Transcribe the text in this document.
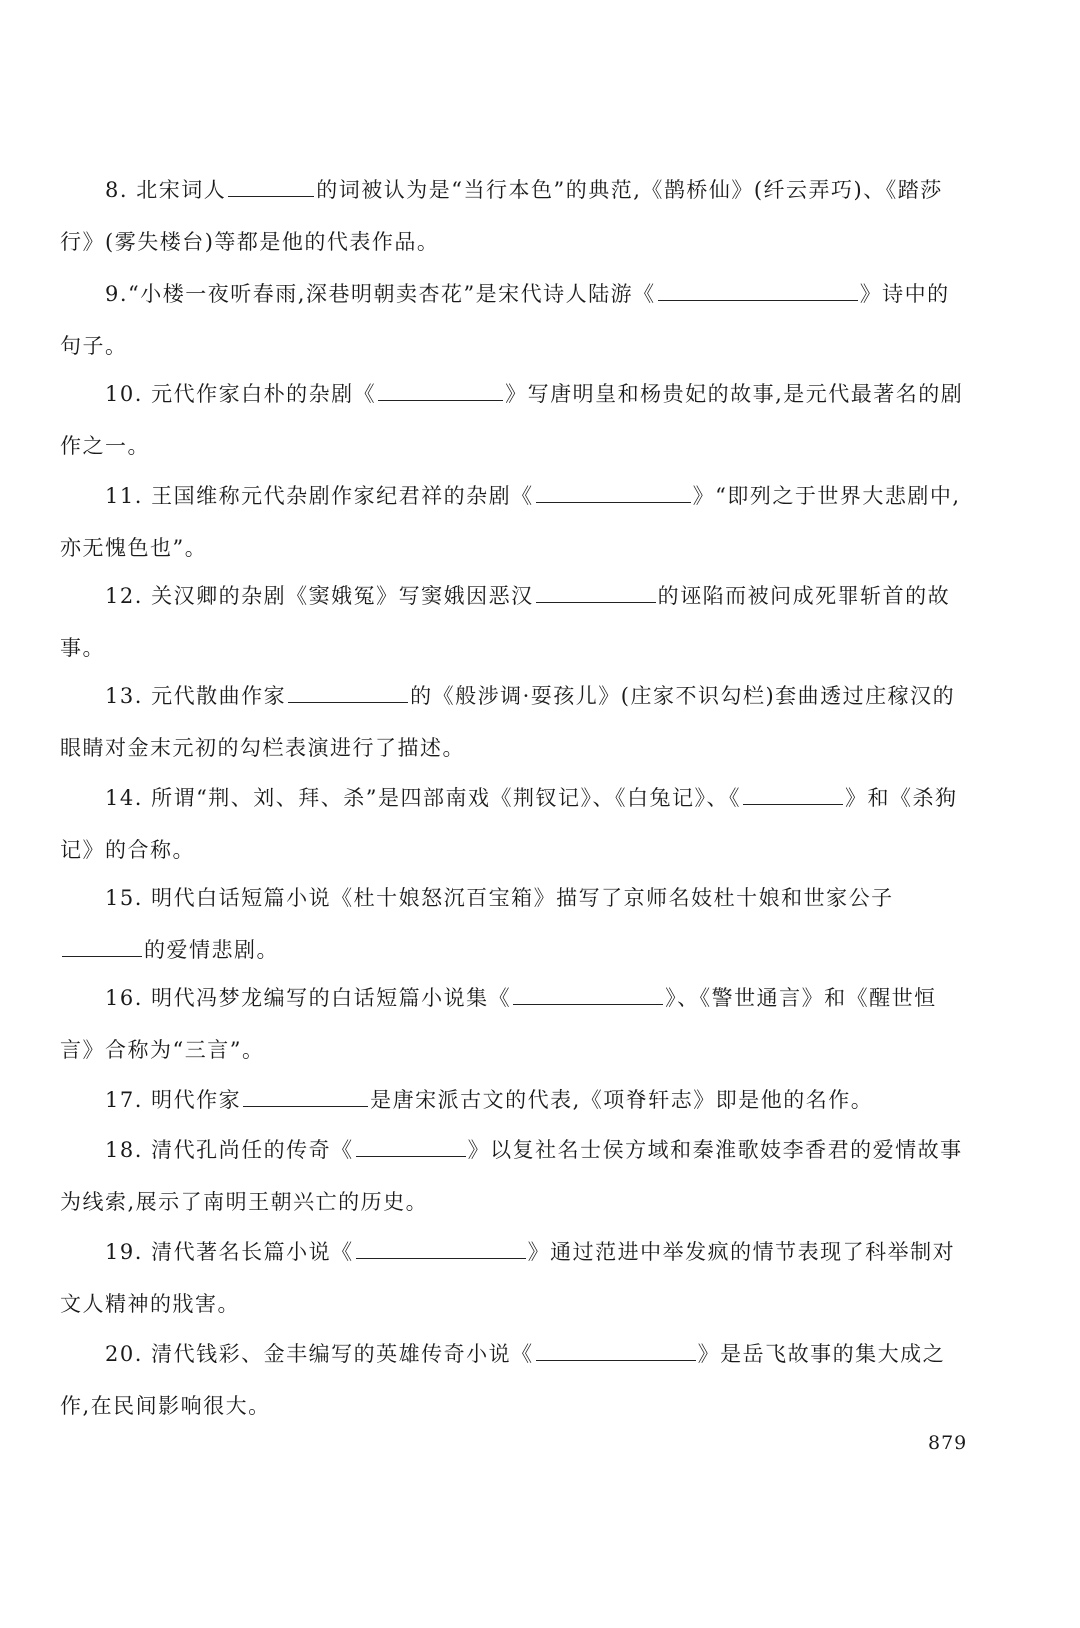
8. 北宋词人	的词被认为是“当行本色”的典范,《鹊桥仙》(纤云弄巧)、《踏莎行》(雾失楼台)等都是他的代表作品。
9.“小楼一夜听春雨,深巷明朝卖杏花”是宋代诗人陆游《	》诗中的句子。
10. 元代作家白朴的杂剧《	》写唐明皇和杨贵妃的故事,是元代最著名的剧作之一。
11. 王国维称元代杂剧作家纪君祥的杂剧《	》“即列之于世界大悲剧中,亦无愧色也”。
12. 关汉卿的杂剧《窦娥冤》写窦娥因恶汉	的诬陷而被问成死罪斩首的故事。
13. 元代散曲作家	的《般涉调·耍孩儿》(庄家不识勾栏)套曲透过庄稼汉的眼睛对金末元初的勾栏表演进行了描述。
14. 所谓“荆、刘、拜、杀”是四部南戏《荆钗记》、《白兔记》、《	》和《杀狗记》的合称。
15. 明代白话短篇小说《杜十娘怒沉百宝箱》描写了京师名妓杜十娘和世家公子的爱情悲剧。
16. 明代冯梦龙编写的白话短篇小说集《	》、《警世通言》和《醒世恒言》合称为“三言”。
17. 明代作家	是唐宋派古文的代表,《项脊轩志》即是他的名作。
18. 清代孔尚任的传奇《	》以复社名士侯方域和秦淮歌妓李香君的爱情故事为线索,展示了南明王朝兴亡的历史。
19. 清代著名长篇小说《	》通过范进中举发疯的情节表现了科举制对文人精神的戕害。
20. 清代钱彩、金丰编写的英雄传奇小说《	》是岳飞故事的集大成之作,在民间影响很大。
879
